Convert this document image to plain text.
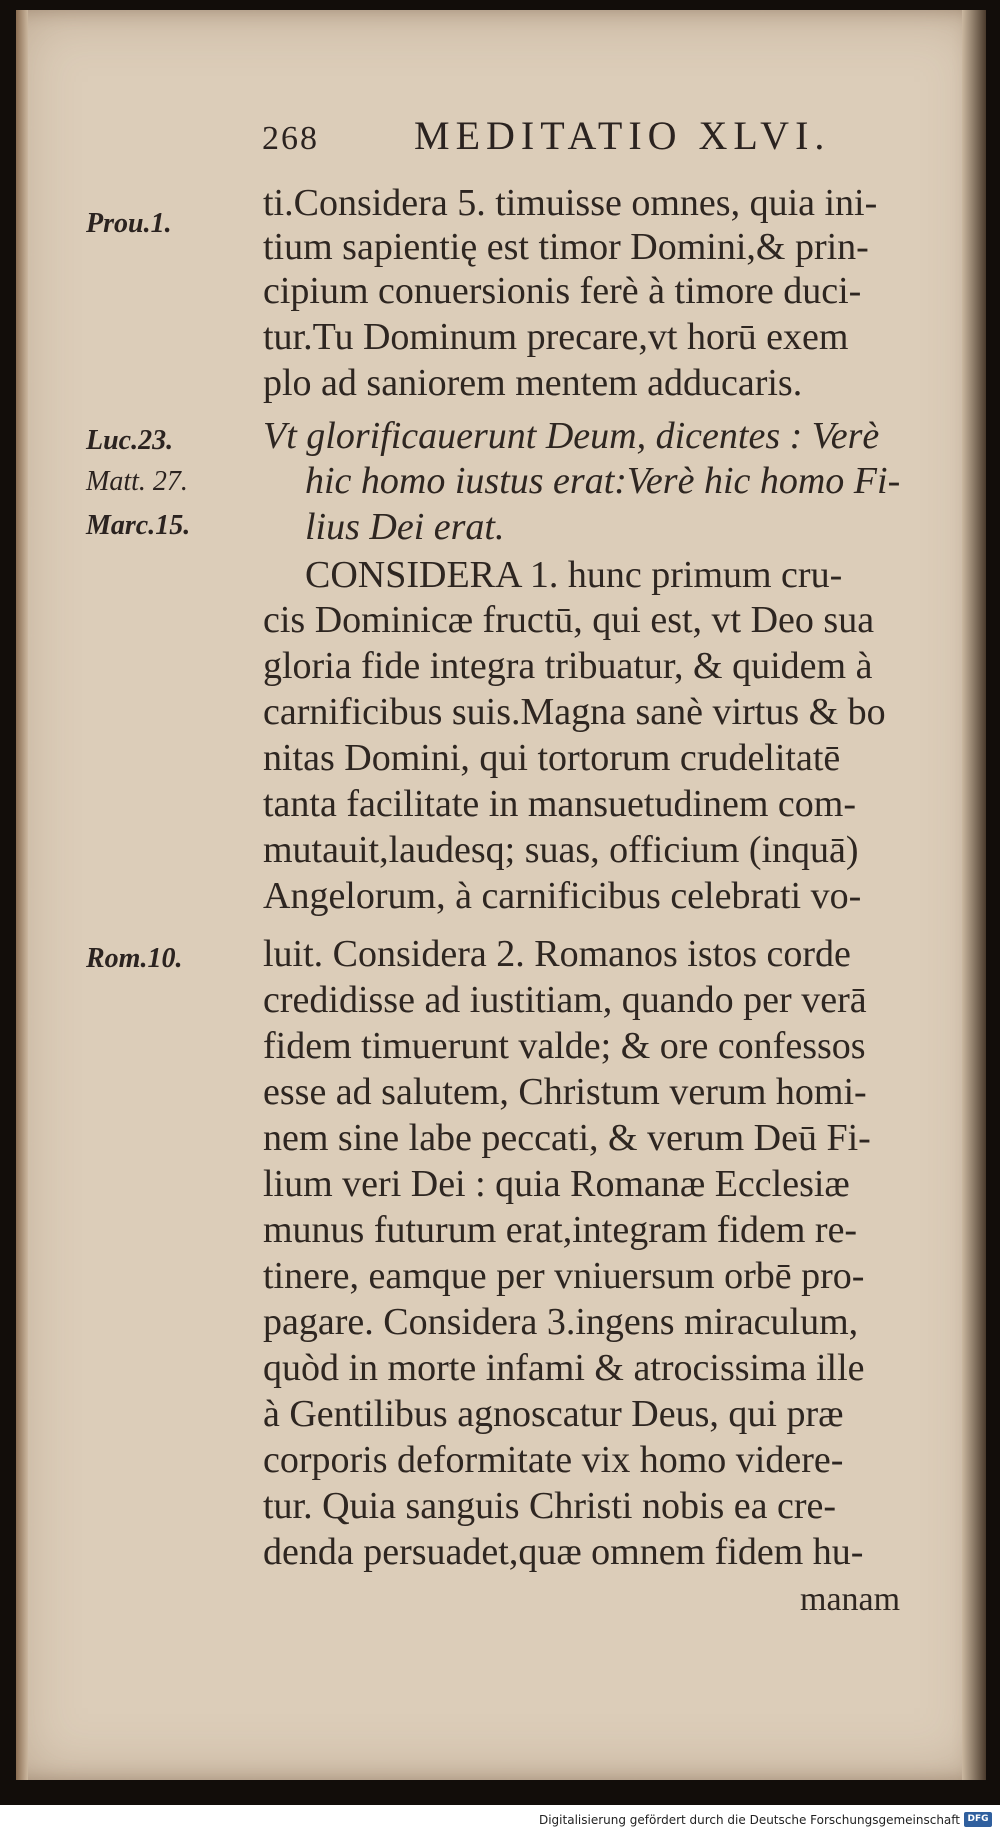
268 MEDITATIO XLVI.
Prou.1.
Luc.23.
Matt. 27.
Marc.15.
Rom.10.
ti.Considera 5. timuisse omnes, quia ini-
tium sapientię est timor Domini,& prin-
cipium conuersionis ferè à timore duci-
tur.Tu Dominum precare,vt horū exem
plo ad saniorem mentem adducaris.
Vt glorificauerunt Deum, dicentes : Verè
hic homo iustus erat:Verè hic homo Fi-
lius Dei erat.
CONSIDERA 1. hunc primum cru-
cis Dominicæ fructū, qui est, vt Deo sua
gloria fide integra tribuatur, & quidem à
carnificibus suis.Magna sanè virtus & bo
nitas Domini, qui tortorum crudelitatē
tanta facilitate in mansuetudinem com-
mutauit,laudesq; suas, officium (inquā)
Angelorum, à carnificibus celebrati vo-
luit. Considera 2. Romanos istos corde
credidisse ad iustitiam, quando per verā
fidem timuerunt valde; & ore confessos
esse ad salutem, Christum verum homi-
nem sine labe peccati, & verum Deū Fi-
lium veri Dei : quia Romanæ Ecclesiæ
munus futurum erat,integram fidem re-
tinere, eamque per vniuersum orbē pro-
pagare. Considera 3.ingens miraculum,
quòd in morte infami & atrocissima ille
à Gentilibus agnoscatur Deus, qui præ
corporis deformitate vix homo videre-
tur. Quia sanguis Christi nobis ea cre-
denda persuadet,quæ omnem fidem hu-
manam
Digitalisierung gefördert durch die Deutsche Forschungsgemeinschaft DFG
